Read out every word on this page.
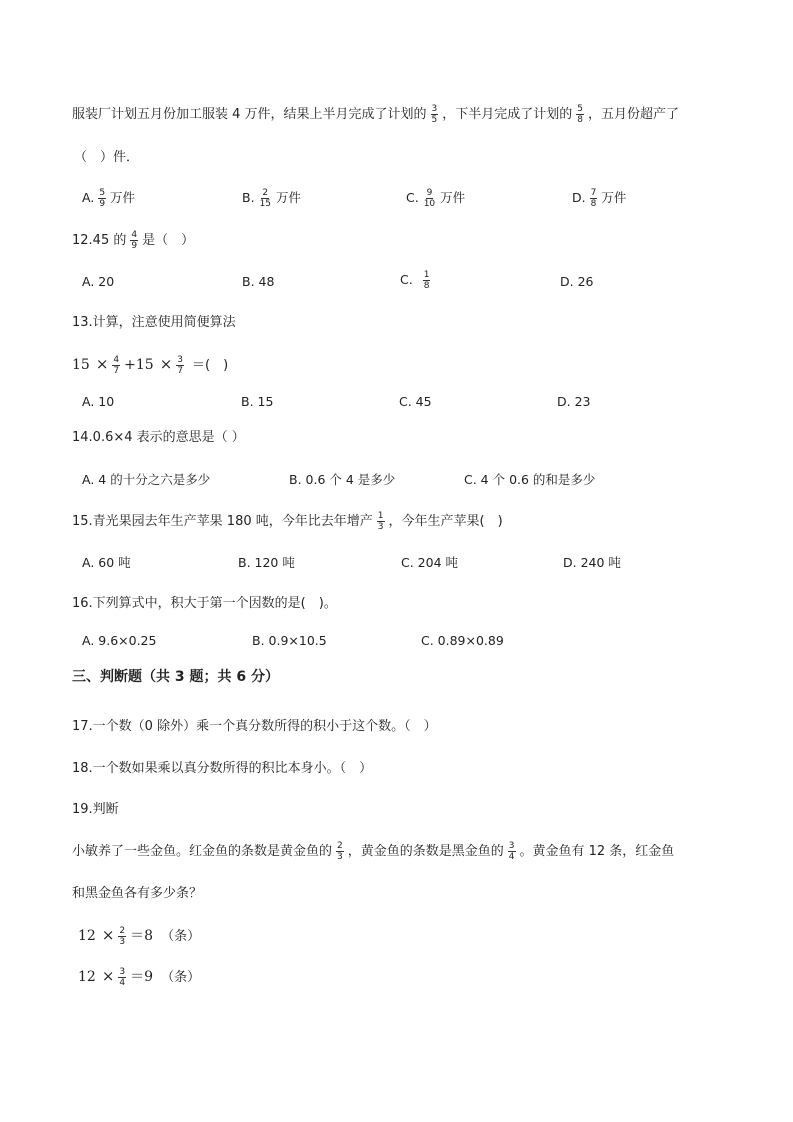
服装厂计划五月份加工服装 4 万件，结果上半月完成了计划的 $\frac{3}{5}$ ，下半月完成了计划的 $\frac{5}{8}$ ，五月份超产了
（　）件．
A. $\frac{5}{9}$ 万件	B. $\frac{2}{15}$ 万件	C. $\frac{9}{10}$ 万件	D. $\frac{7}{8}$ 万件
12.45 的 $\frac{4}{9}$ 是（　）
A. 20	B. 48	C. $\frac{1}{8}$	D. 26
13.计算，注意使用简便算法
$15 \times \frac{4}{7} +15 \times \frac{3}{7}$ ＝(　)
A. 10	B. 15	C. 45	D. 23
14.0.6×4 表示的意思是（ ）
A. 4 的十分之六是多少	B. 0.6 个 4 是多少	C. 4 个 0.6 的和是多少
15.青光果园去年生产苹果 180 吨，今年比去年增产 $\frac{1}{3}$ ，今年生产苹果(　)
A. 60 吨	B. 120 吨	C. 204 吨	D. 240 吨
16.下列算式中，积大于第一个因数的是(　)。
A. 9.6×0.25	B. 0.9×10.5	C. 0.89×0.89
三、判断题（共 3 题；共 6 分）
17.一个数（0 除外）乘一个真分数所得的积小于这个数。（　）
18.一个数如果乘以真分数所得的积比本身小。（　）
19.判断
小敏养了一些金鱼。红金鱼的条数是黄金鱼的 $\frac{2}{3}$ ，黄金鱼的条数是黑金鱼的 $\frac{3}{4}$ 。黄金鱼有 12 条，红金鱼
和黑金鱼各有多少条？
$12 \times \frac{2}{3} =8$ （条）
$12 \times \frac{3}{4} =9$ （条）
